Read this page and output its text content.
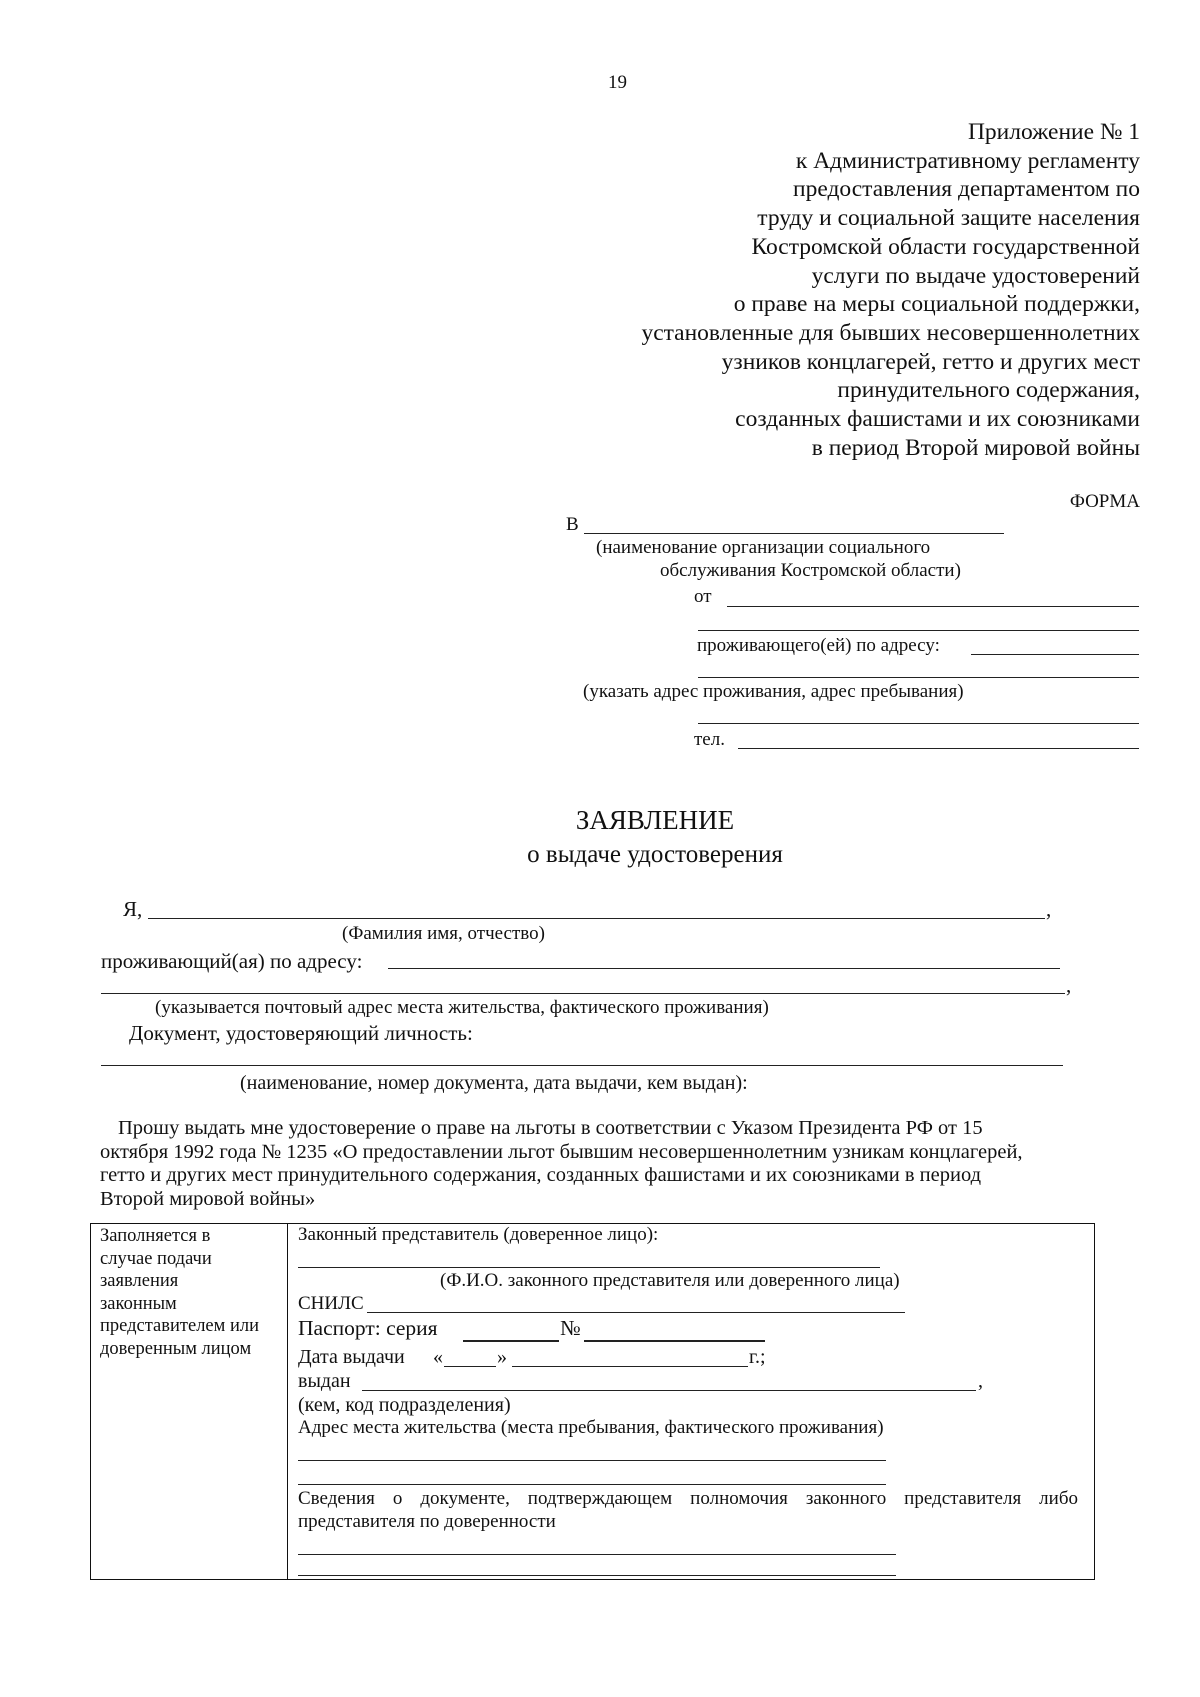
19
Приложение № 1
к Административному регламенту
предоставления департаментом по
труду и социальной защите населения
Костромской области государственной
услуги по выдаче удостоверений
о праве на меры социальной поддержки,
установленные для бывших несовершеннолетних
узников концлагерей, гетто и других мест
принудительного содержания,
созданных фашистами и их союзниками
в период Второй мировой войны
ФОРМА
В
(наименование организации социального
обслуживания Костромской области)
от
проживающего(ей) по адресу:
(указать адрес проживания, адрес пребывания)
тел.
ЗАЯВЛЕНИЕ
о выдаче удостоверения
Я,	,
(Фамилия имя, отчество)
проживающий(ая) по адресу:
,
(указывается почтовый адрес места жительства, фактического проживания)
Документ, удостоверяющий личность:
(наименование, номер документа, дата выдачи, кем выдан):
Прошу выдать мне удостоверение о праве на льготы в соответствии с Указом Президента РФ от 15
октября 1992 года № 1235 «О предоставлении льгот бывшим несовершеннолетним узникам концлагерей,
гетто и других мест принудительного содержания, созданных фашистами и их союзниками в период
Второй мировой войны»
Заполняется в
случае подачи
заявления
законным
представителем или
доверенным лицом
Законный представитель (доверенное лицо):
(Ф.И.О. законного представителя или доверенного лица)
СНИЛС
Паспорт: серия	№
Дата выдачи «	»	г.;
выдан	,
(кем, код подразделения)
Адрес места жительства (места пребывания, фактического проживания)
Сведения о документе, подтверждающем полномочия законного представителя либо
представителя по доверенности
